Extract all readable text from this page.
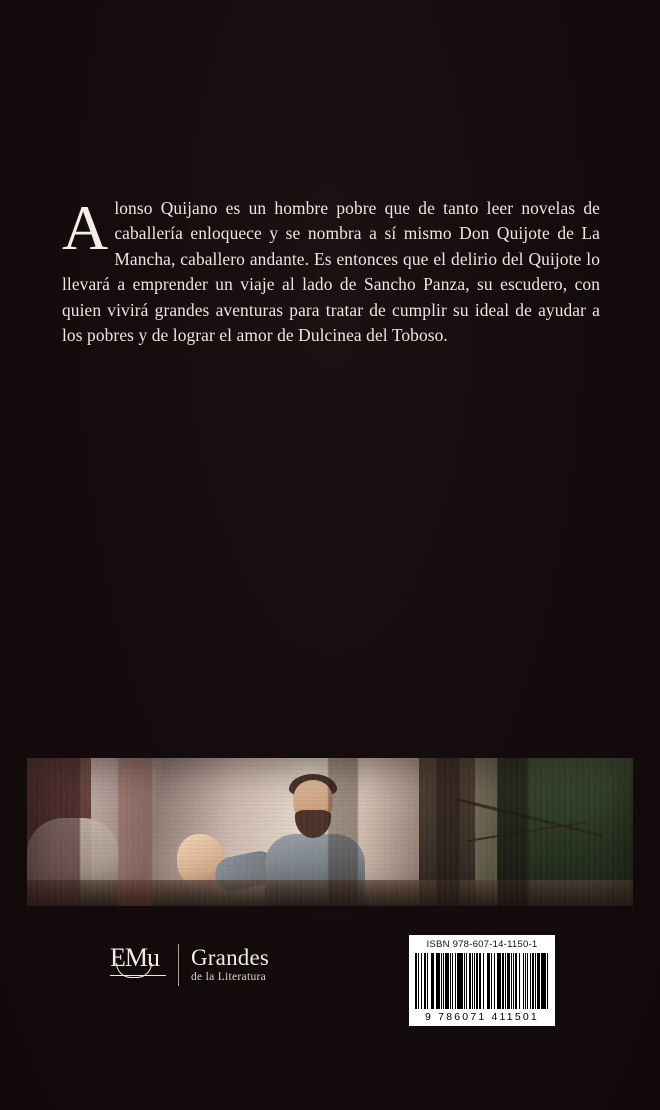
A lonso Quijano es un hombre pobre que de tanto leer novelas de caballería enloquece y se nombra a sí mismo Don Quijote de La Mancha, caballero andante. Es entonces que el delirio del Quijote lo llevará a emprender un viaje al lado de Sancho Panza, su escudero, con quien vivirá grandes aventuras para tratar de cumplir su ideal de ayudar a los pobres y de lograr el amor de Dulcinea del Toboso.
EMu	Grandes
de la Literatura
ISBN 978-607-14-1150-1
9 786071 411501
